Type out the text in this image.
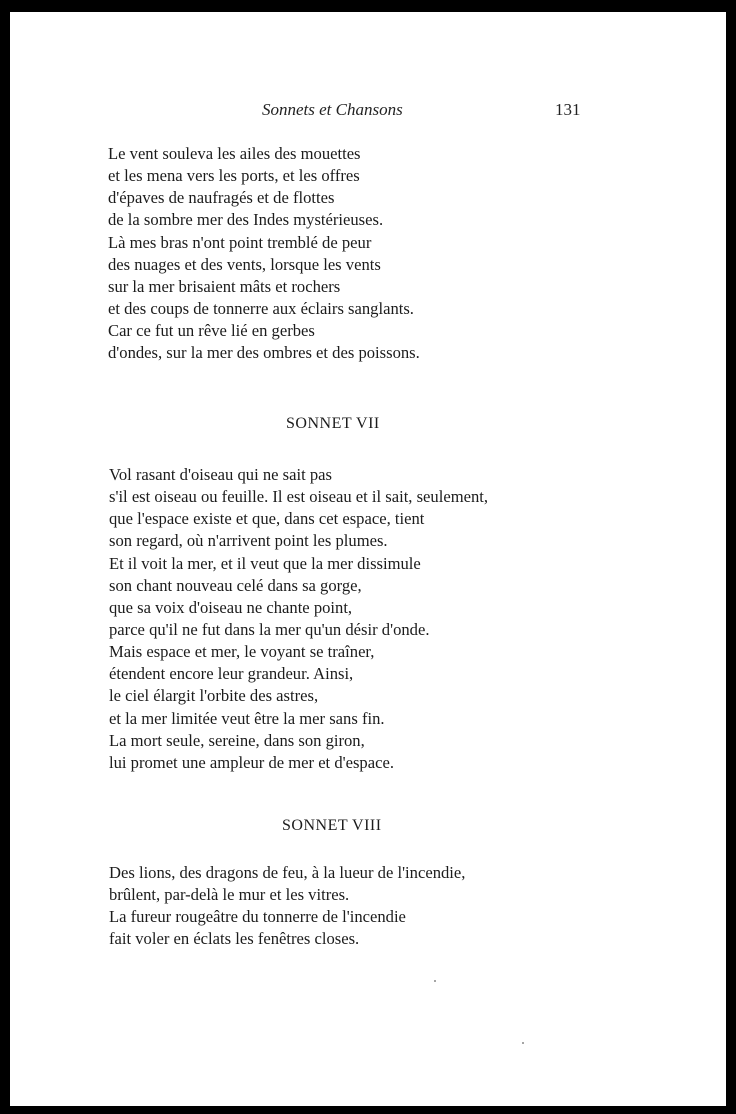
Sonnets et Chansons	131
Le vent souleva les ailes des mouettes
et les mena vers les ports, et les offres
d'épaves de naufragés et de flottes
de la sombre mer des Indes mystérieuses.
Là mes bras n'ont point tremblé de peur
des nuages et des vents, lorsque les vents
sur la mer brisaient mâts et rochers
et des coups de tonnerre aux éclairs sanglants.
Car ce fut un rêve lié en gerbes
d'ondes, sur la mer des ombres et des poissons.
SONNET VII
Vol rasant d'oiseau qui ne sait pas
s'il est oiseau ou feuille. Il est oiseau et il sait, seulement,
que l'espace existe et que, dans cet espace, tient
son regard, où n'arrivent point les plumes.
Et il voit la mer, et il veut que la mer dissimule
son chant nouveau celé dans sa gorge,
que sa voix d'oiseau ne chante point,
parce qu'il ne fut dans la mer qu'un désir d'onde.
Mais espace et mer, le voyant se traîner,
étendent encore leur grandeur. Ainsi,
le ciel élargit l'orbite des astres,
et la mer limitée veut être la mer sans fin.
La mort seule, sereine, dans son giron,
lui promet une ampleur de mer et d'espace.
SONNET VIII
Des lions, des dragons de feu, à la lueur de l'incendie,
brûlent, par-delà le mur et les vitres.
La fureur rougeâtre du tonnerre de l'incendie
fait voler en éclats les fenêtres closes.
